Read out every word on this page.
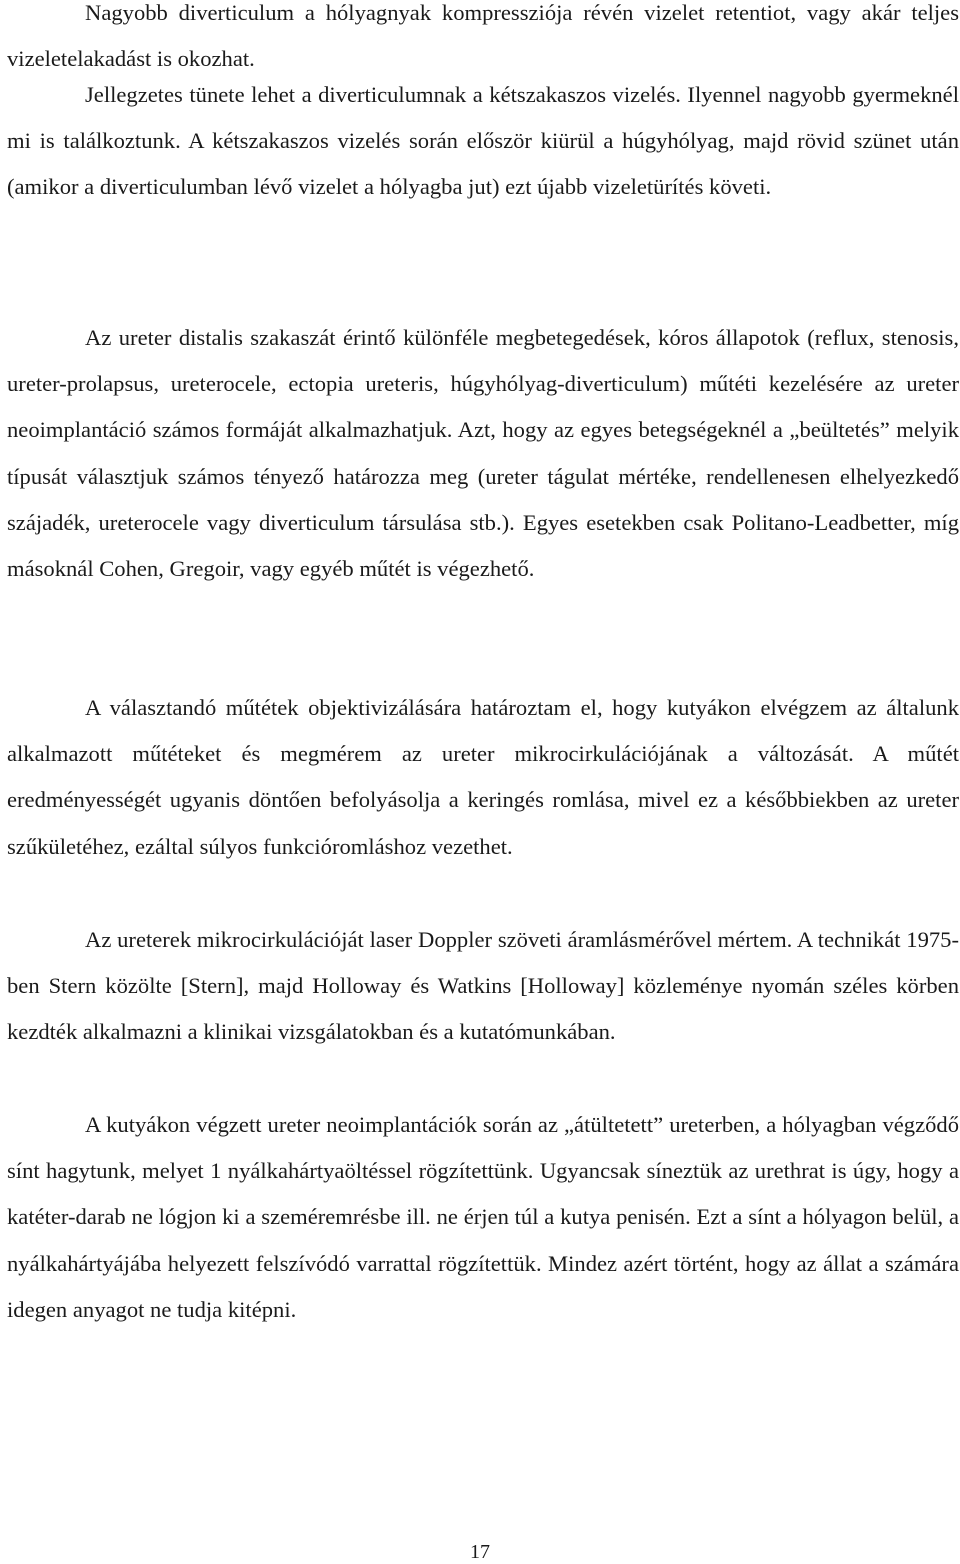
Nagyobb diverticulum a hólyagnyak kompressziója révén vizelet retentiot, vagy akár teljes vizeletelakadást is okozhat.

Jellegzetes tünete lehet a diverticulumnak a kétszakaszos vizelés. Ilyennel nagyobb gyermeknél mi is találkoztunk. A kétszakaszos vizelés során először kiürül a húgyhólyag, majd rövid szünet után (amikor a diverticulumban lévő vizelet a hólyagba jut) ezt újabb vizeletürítés követi.

Az ureter distalis szakaszát érintő különféle megbetegedések, kóros állapotok (reflux, stenosis, ureter-prolapsus, ureterocele, ectopia ureteris, húgyhólyag-diverticulum) műtéti kezelésére az ureter neoimplantáció számos formáját alkalmazhatjuk. Azt, hogy az egyes betegségeknél a „beültetés” melyik típusát választjuk számos tényező határozza meg (ureter tágulat mértéke, rendellenesen elhelyezkedő szájadék, ureterocele vagy diverticulum társulása stb.). Egyes esetekben csak Politano-Leadbetter, míg másoknál Cohen, Gregoir, vagy egyéb műtét is végezhető.

A választandó műtétek objektivizálására határoztam el, hogy kutyákon elvégzem az általunk alkalmazott műtéteket és megmérem az ureter mikrocirkulációjának a változását. A műtét eredményességét ugyanis döntően befolyásolja a keringés romlása, mivel ez a későbbiekben az ureter szűkületéhez, ezáltal súlyos funkcióromláshoz vezethet.

Az ureterek mikrocirkulációját laser Doppler szöveti áramlásmérővel mértem. A technikát 1975-ben Stern közölte [Stern], majd Holloway és Watkins [Holloway] közleménye nyomán széles körben kezdték alkalmazni a klinikai vizsgálatokban és a kutatómunkában.

A kutyákon végzett ureter neoimplantációk során az „átültetett” ureterben, a hólyagban végződő sínt hagytunk, melyet 1 nyálkahártyaöltéssel rögzítettünk. Ugyancsak síneztük az urethrat is úgy, hogy a katéter-darab ne lógjon ki a szeméremrésbe ill. ne érjen túl a kutya penisén. Ezt a sínt a hólyagon belül, a nyálkahártyájába helyezett felszívódó varrattal rögzítettük. Mindez azért történt, hogy az állat a számára idegen anyagot ne tudja kitépni.

17
